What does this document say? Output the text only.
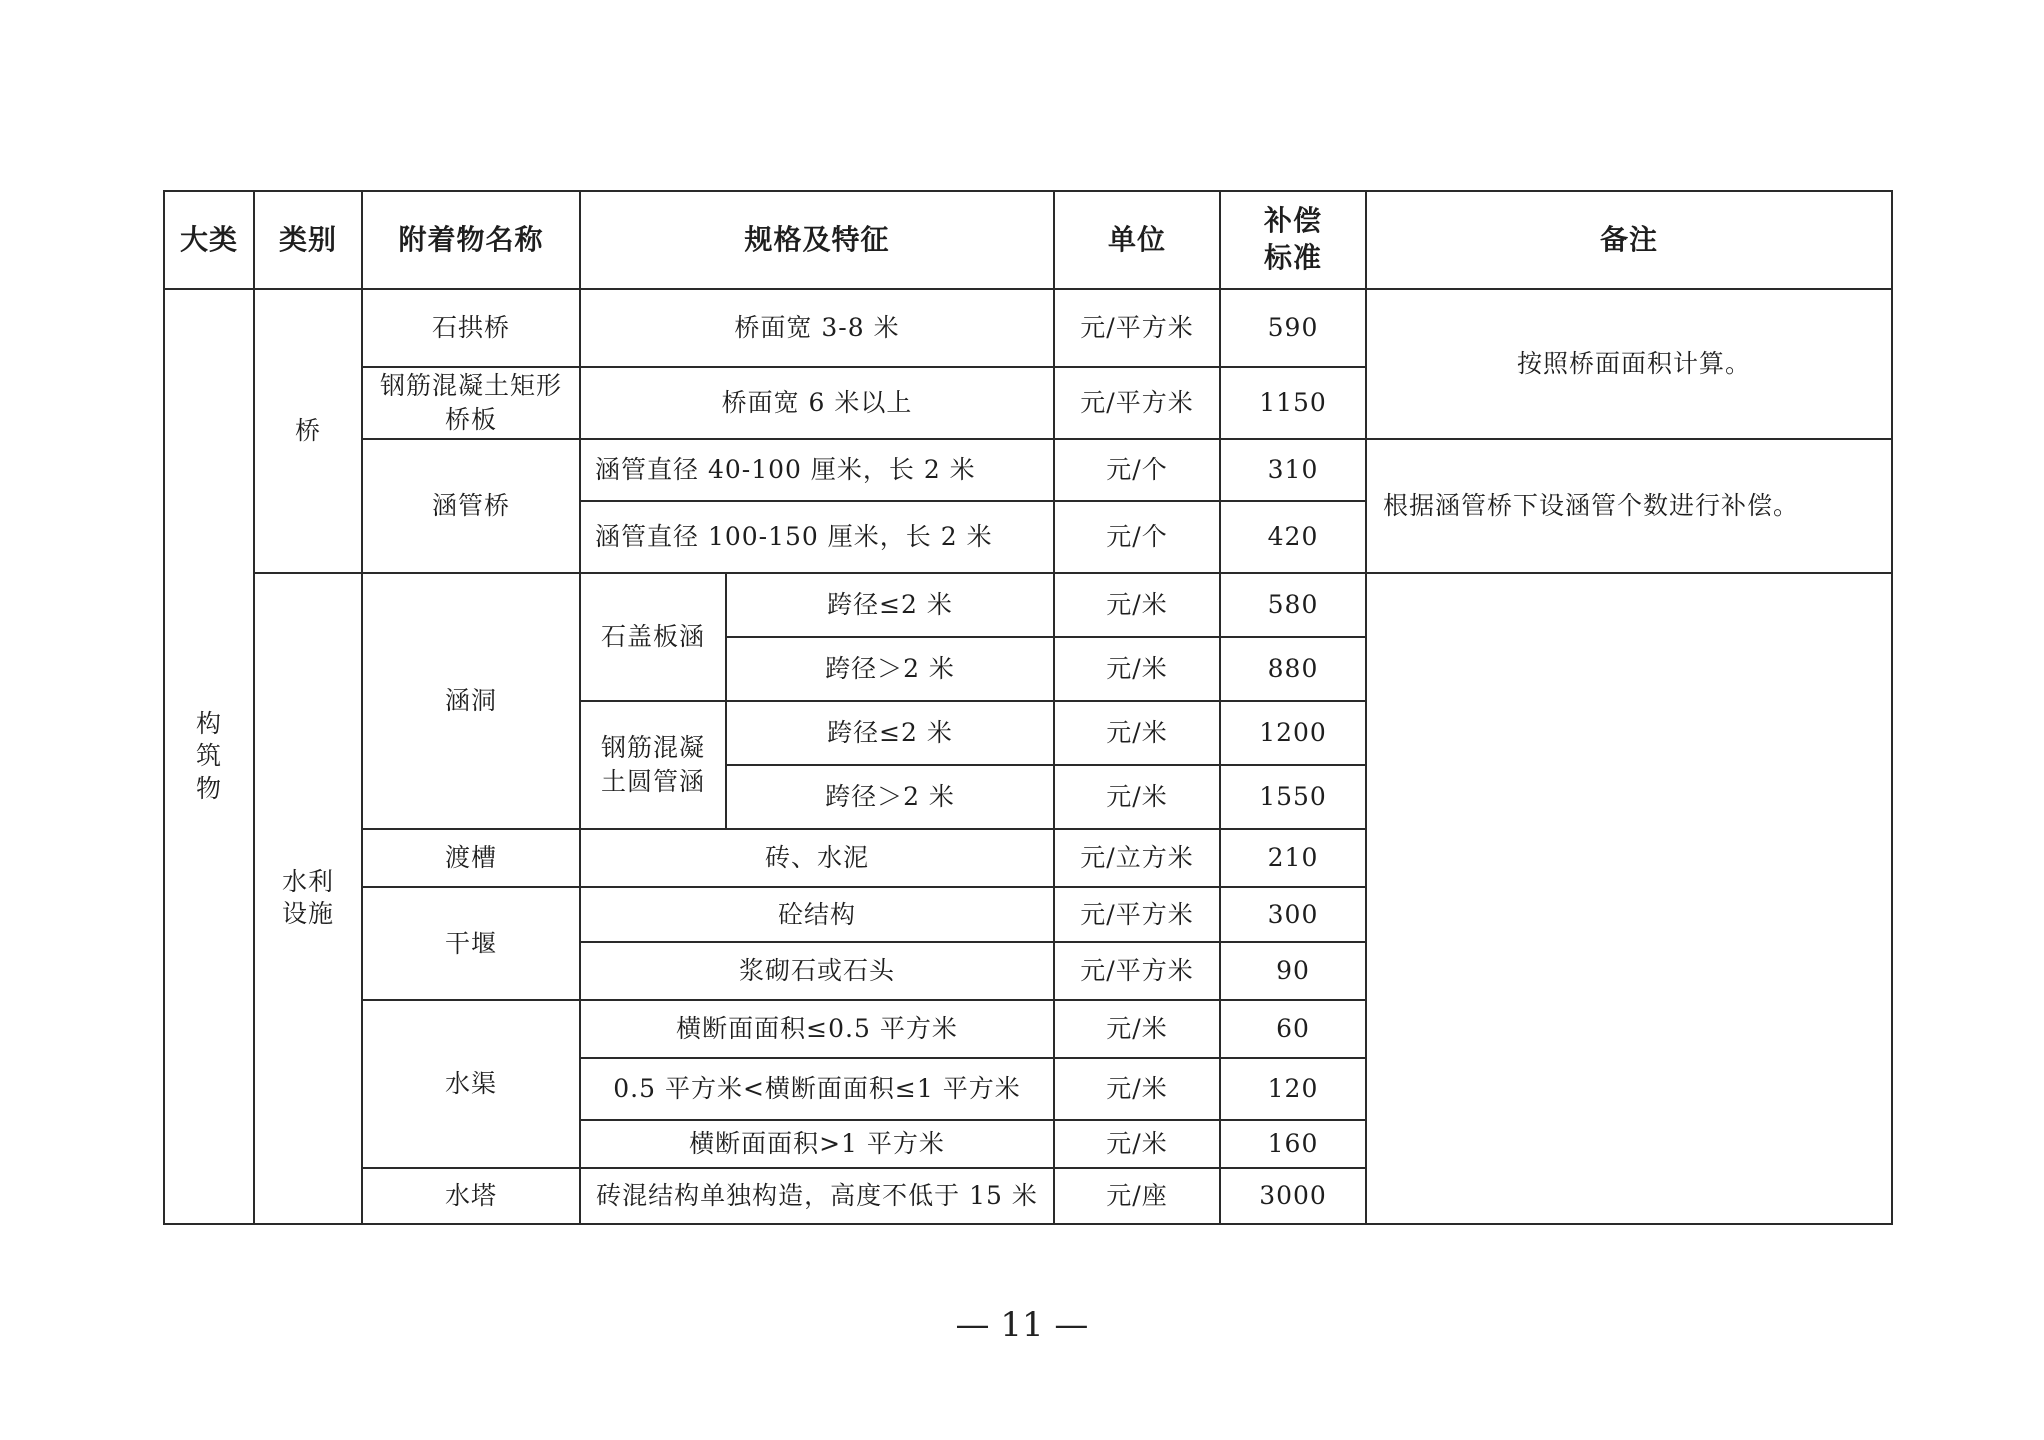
大类	类别	附着物名称	规格及特征		单位	补偿标准	备注
构筑物	桥	石拱桥	桥面宽 3-8 米		元/平方米	590	按照桥面面积计算。
		钢筋混凝土矩形桥板	桥面宽 6 米以上		元/平方米	1150	
		涵管桥	涵管直径 40-100 厘米，长 2 米		元/个	310	根据涵管桥下设涵管个数进行补偿。
			涵管直径 100-150 厘米，长 2 米		元/个	420	
	水利设施	涵洞	石盖板涵	跨径≤2 米	元/米	580	
				跨径＞2 米	元/米	880	
			钢筋混凝土圆管涵	跨径≤2 米	元/米	1200	
				跨径＞2 米	元/米	1550	
		渡槽	砖、水泥		元/立方米	210	
		干堰	砼结构		元/平方米	300	
			浆砌石或石头		元/平方米	90	
		水渠	横断面面积≤0.5 平方米		元/米	60	
			0.5 平方米<横断面面积≤1 平方米		元/米	120	
			横断面面积>1 平方米		元/米	160	
		水塔	砖混结构单独构造，高度不低于 15 米		元/座	3000	
— 11 —
